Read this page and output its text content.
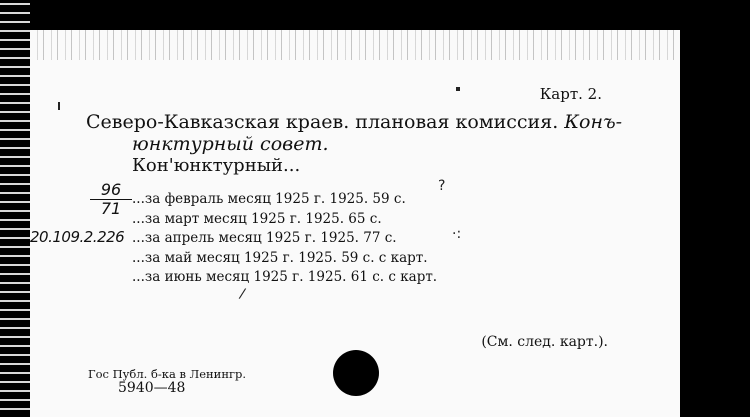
Карт. 2.
Северо-Кавказская краев. плановая комиссия. Конъ-
юнктурный совет.
Кон'юнктурный...
96
71
20.109.2.226
...за февраль месяц 1925 г. 1925. 59 с.
...за март месяц 1925 г. 1925. 65 с.
...за апрель месяц 1925 г. 1925. 77 с.
...за май месяц 1925 г. 1925. 59 с. с карт.
...за июнь месяц 1925 г. 1925. 61 с. с карт.
?
·:
/
(См. след. карт.).
Гос Публ. б-ка в Ленингр.
5940—48
